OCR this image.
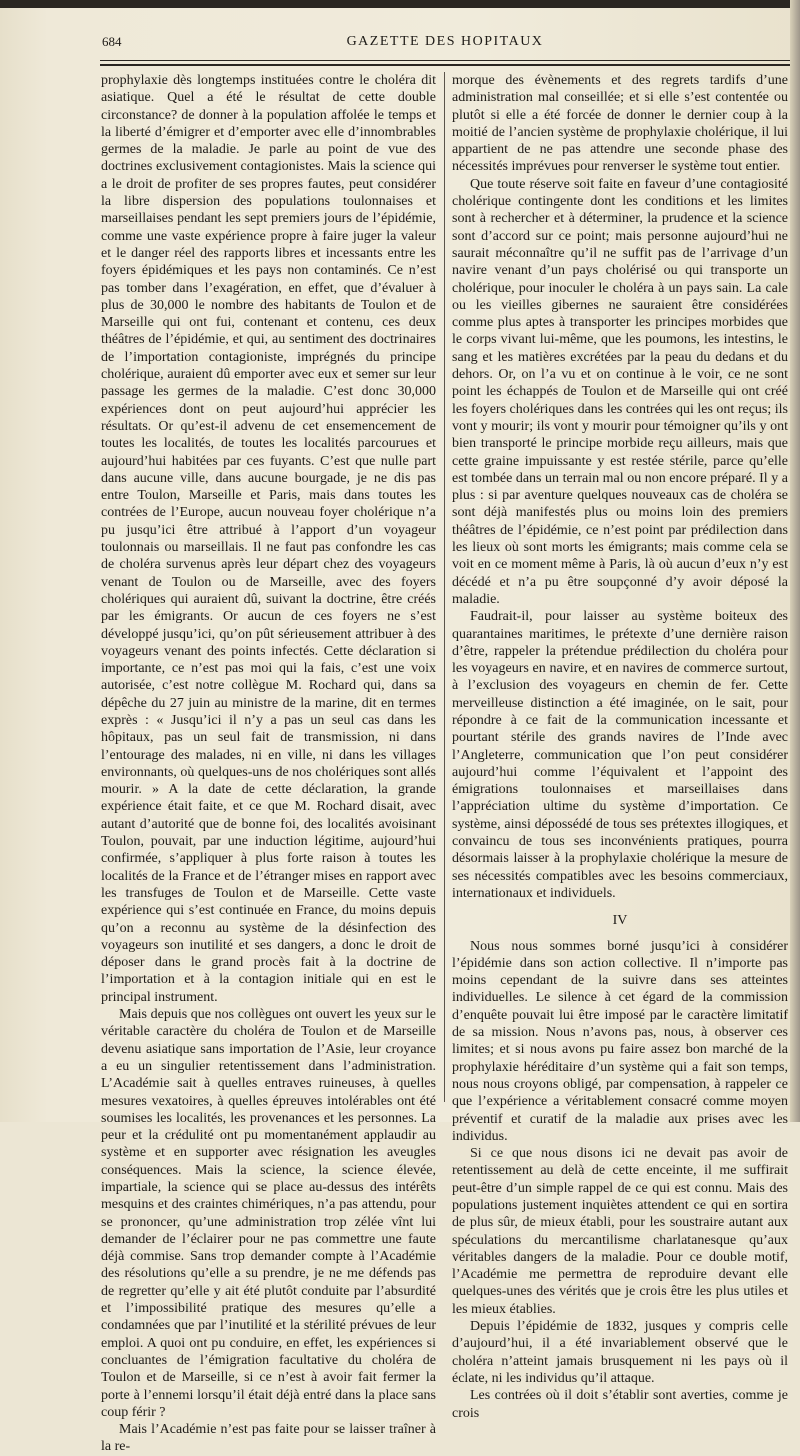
684	GAZETTE DES HOPITAUX

prophylaxie dès longtemps instituées contre le choléra dit asiatique. Quel a été le résultat de cette double circonstance? de donner à la population affolée le temps et la liberté d’émigrer et d’emporter avec elle d’innombrables germes de la maladie. Je parle au point de vue des doctrines exclusivement contagionistes. Mais la science qui a le droit de profiter de ses propres fautes, peut considérer la libre dispersion des populations toulonnaises et marseillaises pendant les sept premiers jours de l’épidémie, comme une vaste expérience propre à faire juger la valeur et le danger réel des rapports libres et incessants entre les foyers épidémiques et les pays non contaminés. Ce n’est pas tomber dans l’exagération, en effet, que d’évaluer à plus de 30,000 le nombre des habitants de Toulon et de Marseille qui ont fui, contenant et contenu, ces deux théâtres de l’épidémie, et qui, au sentiment des doctrinaires de l’importation contagioniste, imprégnés du principe cholérique, auraient dû emporter avec eux et semer sur leur passage les germes de la maladie. C’est donc 30,000 expériences dont on peut aujourd’hui apprécier les résultats. Or qu’est-il advenu de cet ensemencement de toutes les localités, de toutes les localités parcourues et aujourd’hui habitées par ces fuyants. C’est que nulle part dans aucune ville, dans aucune bourgade, je ne dis pas entre Toulon, Marseille et Paris, mais dans toutes les contrées de l’Europe, aucun nouveau foyer cholérique n’a pu jusqu’ici être attribué à l’apport d’un voyageur toulonnais ou marseillais. Il ne faut pas confondre les cas de choléra survenus après leur départ chez des voyageurs venant de Toulon ou de Marseille, avec des foyers cholériques qui auraient dû, suivant la doctrine, être créés par les émigrants. Or aucun de ces foyers ne s’est développé jusqu’ici, qu’on pût sérieusement attribuer à des voyageurs venant des points infectés. Cette déclaration si importante, ce n’est pas moi qui la fais, c’est une voix autorisée, c’est notre collègue M. Rochard qui, dans sa dépêche du 27 juin au ministre de la marine, dit en termes exprès : « Jusqu’ici il n’y a pas un seul cas dans les hôpitaux, pas un seul fait de transmission, ni dans l’entourage des malades, ni en ville, ni dans les villages environnants, où quelques-uns de nos cholériques sont allés mourir. » A la date de cette déclaration, la grande expérience était faite, et ce que M. Rochard disait, avec autant d’autorité que de bonne foi, des localités avoisinant Toulon, pouvait, par une induction légitime, aujourd’hui confirmée, s’appliquer à plus forte raison à toutes les localités de la France et de l’étranger mises en rapport avec les transfuges de Toulon et de Marseille. Cette vaste expérience qui s’est continuée en France, du moins depuis qu’on a reconnu au système de la désinfection des voyageurs son inutilité et ses dangers, a donc le droit de déposer dans le grand procès fait à la doctrine de l’importation et à la contagion initiale qui en est le principal instrument.

Mais depuis que nos collègues ont ouvert les yeux sur le véritable caractère du choléra de Toulon et de Marseille devenu asiatique sans importation de l’Asie, leur croyance a eu un singulier retentissement dans l’administration. L’Académie sait à quelles entraves ruineuses, à quelles mesures vexatoires, à quelles épreuves intolérables ont été soumises les localités, les provenances et les personnes. La peur et la crédulité ont pu momentanément applaudir au système et en supporter avec résignation les aveugles conséquences. Mais la science, la science élevée, impartiale, la science qui se place au-dessus des intérêts mesquins et des craintes chimériques, n’a pas attendu, pour se prononcer, qu’une administration trop zélée vînt lui demander de l’éclairer pour ne pas commettre une faute déjà commise. Sans trop demander compte à l’Académie des résolutions qu’elle a su prendre, je ne me défends pas de regretter qu’elle y ait été plutôt conduite par l’absurdité et l’impossibilité pratique des mesures qu’elle a condamnées que par l’inutilité et la stérilité prévues de leur emploi. A quoi ont pu conduire, en effet, les expériences si concluantes de l’émigration facultative du choléra de Toulon et de Marseille, si ce n’est à avoir fait fermer la porte à l’ennemi lorsqu’il était déjà entré dans la place sans coup férir ?

Mais l’Académie n’est pas faite pour se laisser traîner à la re-

morque des évènements et des regrets tardifs d’une administration mal conseillée; et si elle s’est contentée ou plutôt si elle a été forcée de donner le dernier coup à la moitié de l’ancien système de prophylaxie cholérique, il lui appartient de ne pas attendre une seconde phase des nécessités imprévues pour renverser le système tout entier.

Que toute réserve soit faite en faveur d’une contagiosité cholérique contingente dont les conditions et les limites sont à rechercher et à déterminer, la prudence et la science sont d’accord sur ce point; mais personne aujourd’hui ne saurait méconnaître qu’il ne suffit pas de l’arrivage d’un navire venant d’un pays cholérisé ou qui transporte un cholérique, pour inoculer le choléra à un pays sain. La cale ou les vieilles gibernes ne sauraient être considérées comme plus aptes à transporter les principes morbides que le corps vivant lui-même, que les poumons, les intestins, le sang et les matières excrétées par la peau du dedans et du dehors. Or, on l’a vu et on continue à le voir, ce ne sont point les échappés de Toulon et de Marseille qui ont créé les foyers cholériques dans les contrées qui les ont reçus; ils vont y mourir; ils vont y mourir pour témoigner qu’ils y ont bien transporté le principe morbide reçu ailleurs, mais que cette graine impuissante y est restée stérile, parce qu’elle est tombée dans un terrain mal ou non encore préparé. Il y a plus : si par aventure quelques nouveaux cas de choléra se sont déjà manifestés plus ou moins loin des premiers théâtres de l’épidémie, ce n’est point par prédilection dans les lieux où sont morts les émigrants; mais comme cela se voit en ce moment même à Paris, là où aucun d’eux n’y est décédé et n’a pu être soupçonné d’y avoir déposé la maladie.

Faudrait-il, pour laisser au système boiteux des quarantaines maritimes, le prétexte d’une dernière raison d’être, rappeler la prétendue prédilection du choléra pour les voyageurs en navire, et en navires de commerce surtout, à l’exclusion des voyageurs en chemin de fer. Cette merveilleuse distinction a été imaginée, on le sait, pour répondre à ce fait de la communication incessante et pourtant stérile des grands navires de l’Inde avec l’Angleterre, communication que l’on peut considérer aujourd’hui comme l’équivalent et l’appoint des émigrations toulonnaises et marseillaises dans l’appréciation ultime du système d’importation. Ce système, ainsi dépossédé de tous ses prétextes illogiques, et convaincu de tous ses inconvénients pratiques, pourra désormais laisser à la prophylaxie cholérique la mesure de ses nécessités compatibles avec les besoins commerciaux, internationaux et individuels.

IV

Nous nous sommes borné jusqu’ici à considérer l’épidémie dans son action collective. Il n’importe pas moins cependant de la suivre dans ses atteintes individuelles. Le silence à cet égard de la commission d’enquête pouvait lui être imposé par le caractère limitatif de sa mission. Nous n’avons pas, nous, à observer ces limites; et si nous avons pu faire assez bon marché de la prophylaxie héréditaire d’un système qui a fait son temps, nous nous croyons obligé, par compensation, à rappeler ce que l’expérience a véritablement consacré comme moyen préventif et curatif de la maladie aux prises avec les individus.

Si ce que nous disons ici ne devait pas avoir de retentissement au delà de cette enceinte, il me suffirait peut-être d’un simple rappel de ce qui est connu. Mais des populations justement inquiètes attendent ce qui en sortira de plus sûr, de mieux établi, pour les soustraire autant aux spéculations du mercantilisme charlatanesque qu’aux véritables dangers de la maladie. Pour ce double motif, l’Académie me permettra de reproduire devant elle quelques-unes des vérités que je crois être les plus utiles et les mieux établies.

Depuis l’épidémie de 1832, jusques y compris celle d’aujourd’hui, il a été invariablement observé que le choléra n’atteint jamais brusquement ni les pays où il éclate, ni les individus qu’il attaque.

Les contrées où il doit s’établir sont averties, comme je crois
